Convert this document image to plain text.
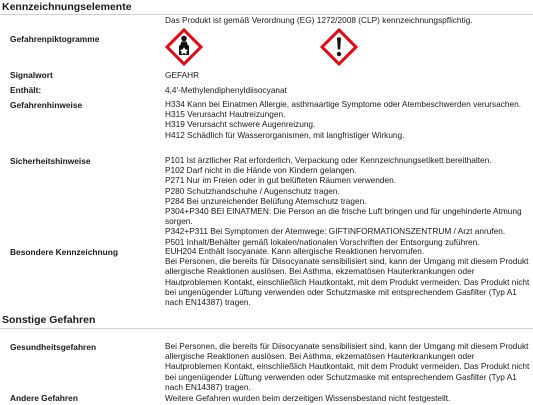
Kennzeichnungselemente
Das Produkt ist gemäß Verordnung (EG) 1272/2008 (CLP) kennzeichnungspflichtig.
Gefahrenpiktogramme
Signalwort	GEFAHR
Enthält:	4,4'-Methylendiphenyldiisocyanat
Gefahrenhinweise	H334 Kann bei Einatmen Allergie, asthmaartige Symptome oder Atembeschwerden verursachen.
H315 Verursacht Hautreizungen.
H319 Verursacht schwere Augenreizung.
H412 Schädlich für Wasserorganismen, mit langfristiger Wirkung.
Sicherheitshinweise	P101 Ist ärztlicher Rat erforderlich, Verpackung oder Kennzeichnungsetikett bereithalten.
P102 Darf nicht in die Hände von Kindern gelangen.
P271 Nur im Freien oder in gut belüfteten Räumen verwenden.
P280 Schutzhandschuhe / Augenschutz tragen.
P284 Bei unzureichender Belüfung Atemschutz tragen.
P304+P340 BEI EINATMEN: Die Person an die frische Luft bringen und für ungehinderte Atmung sorgen.
P342+P311 Bei Symptomen der Atemwege: GIFTINFORMATIONSZENTRUM / Arzt anrufen.
P501 Inhalt/Behälter gemäß lokalen/nationalen Vorschriften der Entsorgung zuführen.
Besondere Kennzeichnung	EUH204 Enthält Isocyanate. Kann allergische Reaktionen hervorrufen.
Bei Personen, die bereits für Diisocyanate sensibilisiert sind, kann der Umgang mit diesem Produkt allergische Reaktionen auslösen. Bei Asthma, ekzematösen Hauterkrankungen oder Hautproblemen Kontakt, einschließlich Hautkontakt, mit dem Produkt vermeiden. Das Produkt nicht bei ungenügender Lüftung verwenden oder Schutzmaske mit entsprechendem Gasfilter (Typ A1 nach EN14387) tragen.
Sonstige Gefahren
Gesundheitsgefahren	Bei Personen, die bereits für Diisocyanate sensibilisiert sind, kann der Umgang mit diesem Produkt allergische Reaktionen auslösen. Bei Asthma, ekzematösen Hauterkrankungen oder Hautproblemen Kontakt, einschließlich Hautkontakt, mit dem Produkt vermeiden. Das Produkt nicht bei ungenügender Lüftung verwenden oder Schutzmaske mit entsprechendem Gasfilter (Typ A1 nach EN14387) tragen.
Andere Gefahren	Weitere Gefahren wurden beim derzeitigen Wissensbestand nicht festgestellt.
